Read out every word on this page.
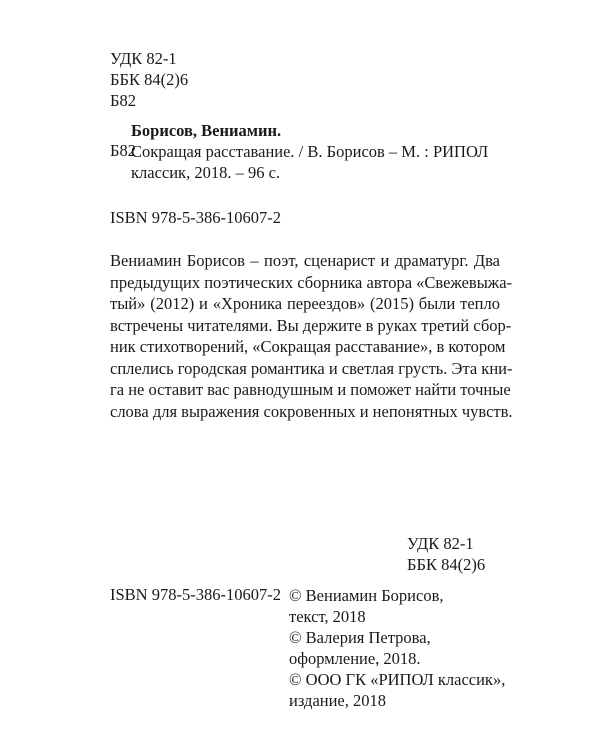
УДК 82-1
ББК 84(2)6
Б82
Борисов, Вениамин.
Б82
Сокращая расставание. / В. Борисов – М. : РИПОЛ
классик, 2018. – 96 с.
ISBN 978-5-386-10607-2
Вениамин Борисов – поэт, сценарист и драматург. Два
предыдущих поэтических сборника автора «Свежевыжа-
тый» (2012) и «Хроника переездов» (2015) были тепло
встречены читателями. Вы держите в руках третий сбор-
ник стихотворений, «Сокращая расставание», в котором
сплелись городская романтика и светлая грусть. Эта кни-
га не оставит вас равнодушным и поможет найти точные
слова для выражения сокровенных и непонятных чувств.
УДК 82-1
ББК 84(2)6
ISBN 978-5-386-10607-2 © Вениамин Борисов,
текст, 2018
© Валерия Петрова,
оформление, 2018.
© ООО ГК «РИПОЛ классик»,
издание, 2018
